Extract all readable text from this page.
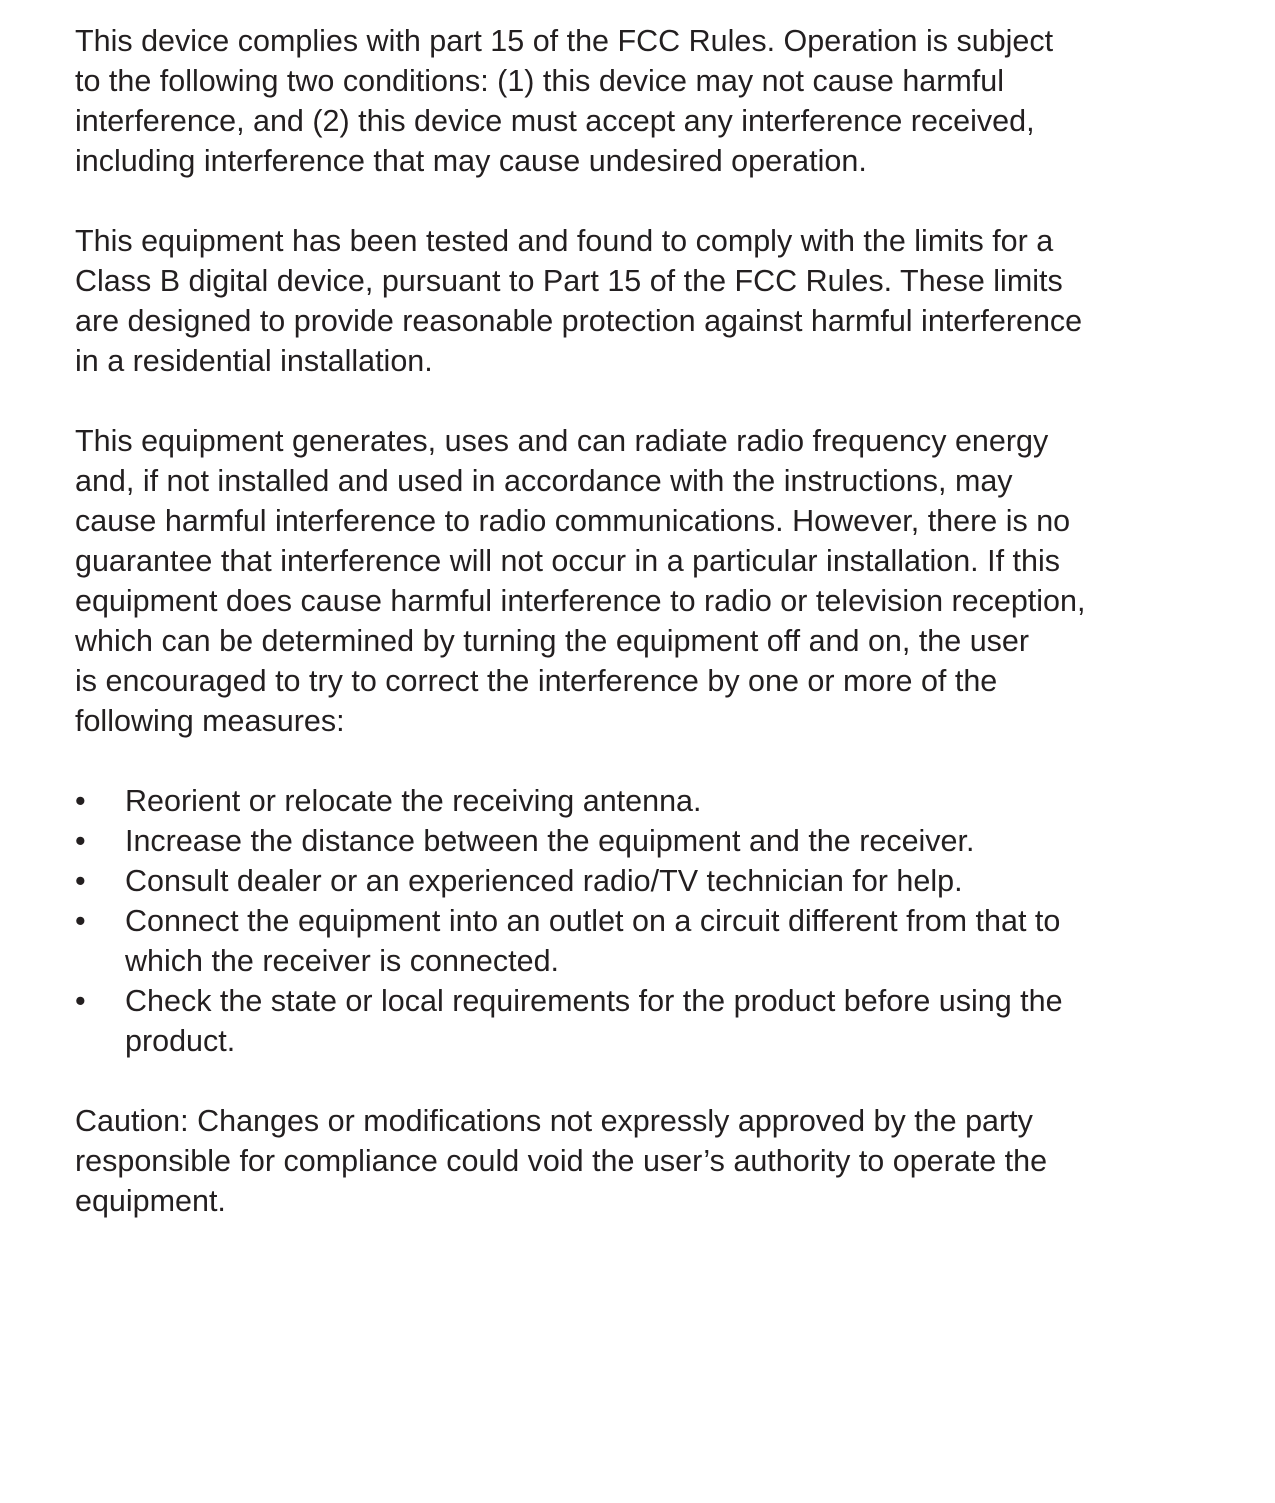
This device complies with part 15 of the FCC Rules. Operation is subject
to the following two conditions: (1) this device may not cause harmful
interference, and (2) this device must accept any interference received,
including interference that may cause undesired operation.

This equipment has been tested and found to comply with the limits for a
Class B digital device, pursuant to Part 15 of the FCC Rules. These limits
are designed to provide reasonable protection against harmful interference
in a residential installation.

This equipment generates, uses and can radiate radio frequency energy
and, if not installed and used in accordance with the instructions, may
cause harmful interference to radio communications. However, there is no
guarantee that interference will not occur in a particular installation. If this
equipment does cause harmful interference to radio or television reception,
which can be determined by turning the equipment off and on, the user
is encouraged to try to correct the interference by one or more of the
following measures:

•	Reorient or relocate the receiving antenna.
•	Increase the distance between the equipment and the receiver.
•	Consult dealer or an experienced radio/TV technician for help.
•	Connect the equipment into an outlet on a circuit different from that to
which the receiver is connected.
•	Check the state or local requirements for the product before using the
product.

Caution: Changes or modifications not expressly approved by the party
responsible for compliance could void the user’s authority to operate the
equipment.
